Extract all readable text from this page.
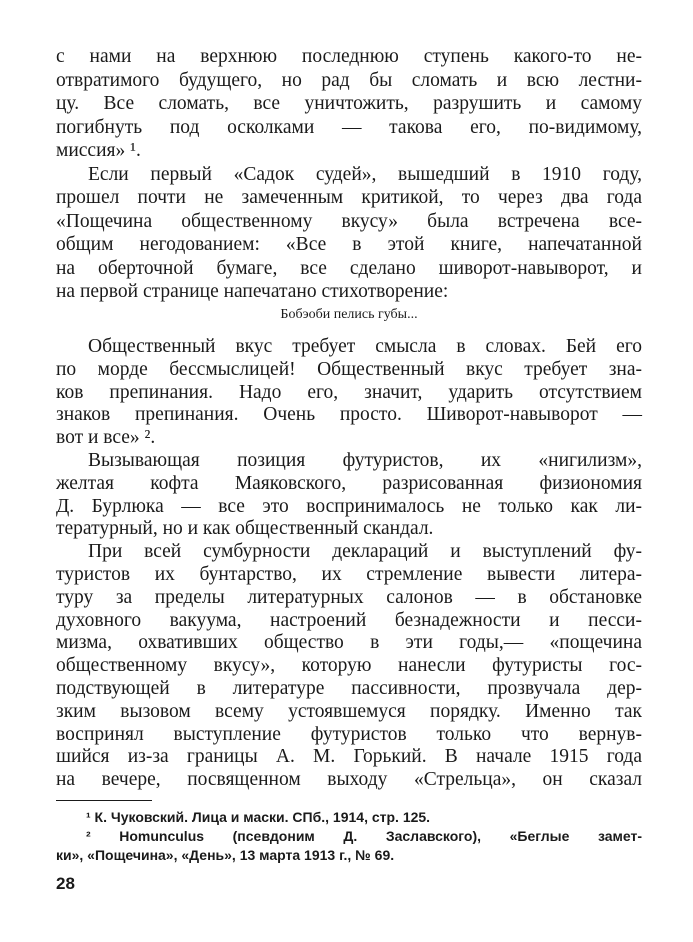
с нами на верхнюю последнюю ступень какого-то не-
отвратимого будущего, но рад бы сломать и всю лестни-
цу. Все сломать, все уничтожить, разрушить и самому
погибнуть под осколками — такова его, по-видимому,
миссия» ¹.
Если первый «Садок судей», вышедший в 1910 году,
прошел почти не замеченным критикой, то через два года
«Пощечина общественному вкусу» была встречена все-
общим негодованием: «Все в этой книге, напечатанной
на оберточной бумаге, все сделано шиворот-навыворот, и
на первой странице напечатано стихотворение:
Бобэоби пелись губы...
Общественный вкус требует смысла в словах. Бей его
по морде бессмыслицей! Общественный вкус требует зна-
ков препинания. Надо его, значит, ударить отсутствием
знаков препинания. Очень просто. Шиворот-навыворот —
вот и все» ².
Вызывающая позиция футуристов, их «нигилизм»,
желтая кофта Маяковского, разрисованная физиономия
Д. Бурлюка — все это воспринималось не только как ли-
тературный, но и как общественный скандал.
При всей сумбурности деклараций и выступлений фу-
туристов их бунтарство, их стремление вывести литера-
туру за пределы литературных салонов — в обстановке
духовного вакуума, настроений безнадежности и песси-
мизма, охвативших общество в эти годы,— «пощечина
общественному вкусу», которую нанесли футуристы гос-
подствующей в литературе пассивности, прозвучала дер-
зким вызовом всему устоявшемуся порядку. Именно так
воспринял выступление футуристов только что вернув-
шийся из-за границы А. М. Горький. В начале 1915 года
¹ К. Чуковский. Лица и маски. СПб., 1914, стр. 125.
² Homunculus (псевдоним Д. Заславского), «Беглые замет-
ки», «Пощечина», «День», 13 марта 1913 г., № 69.
28
на вечере, посвященном выходу «Стрельца», он сказал
